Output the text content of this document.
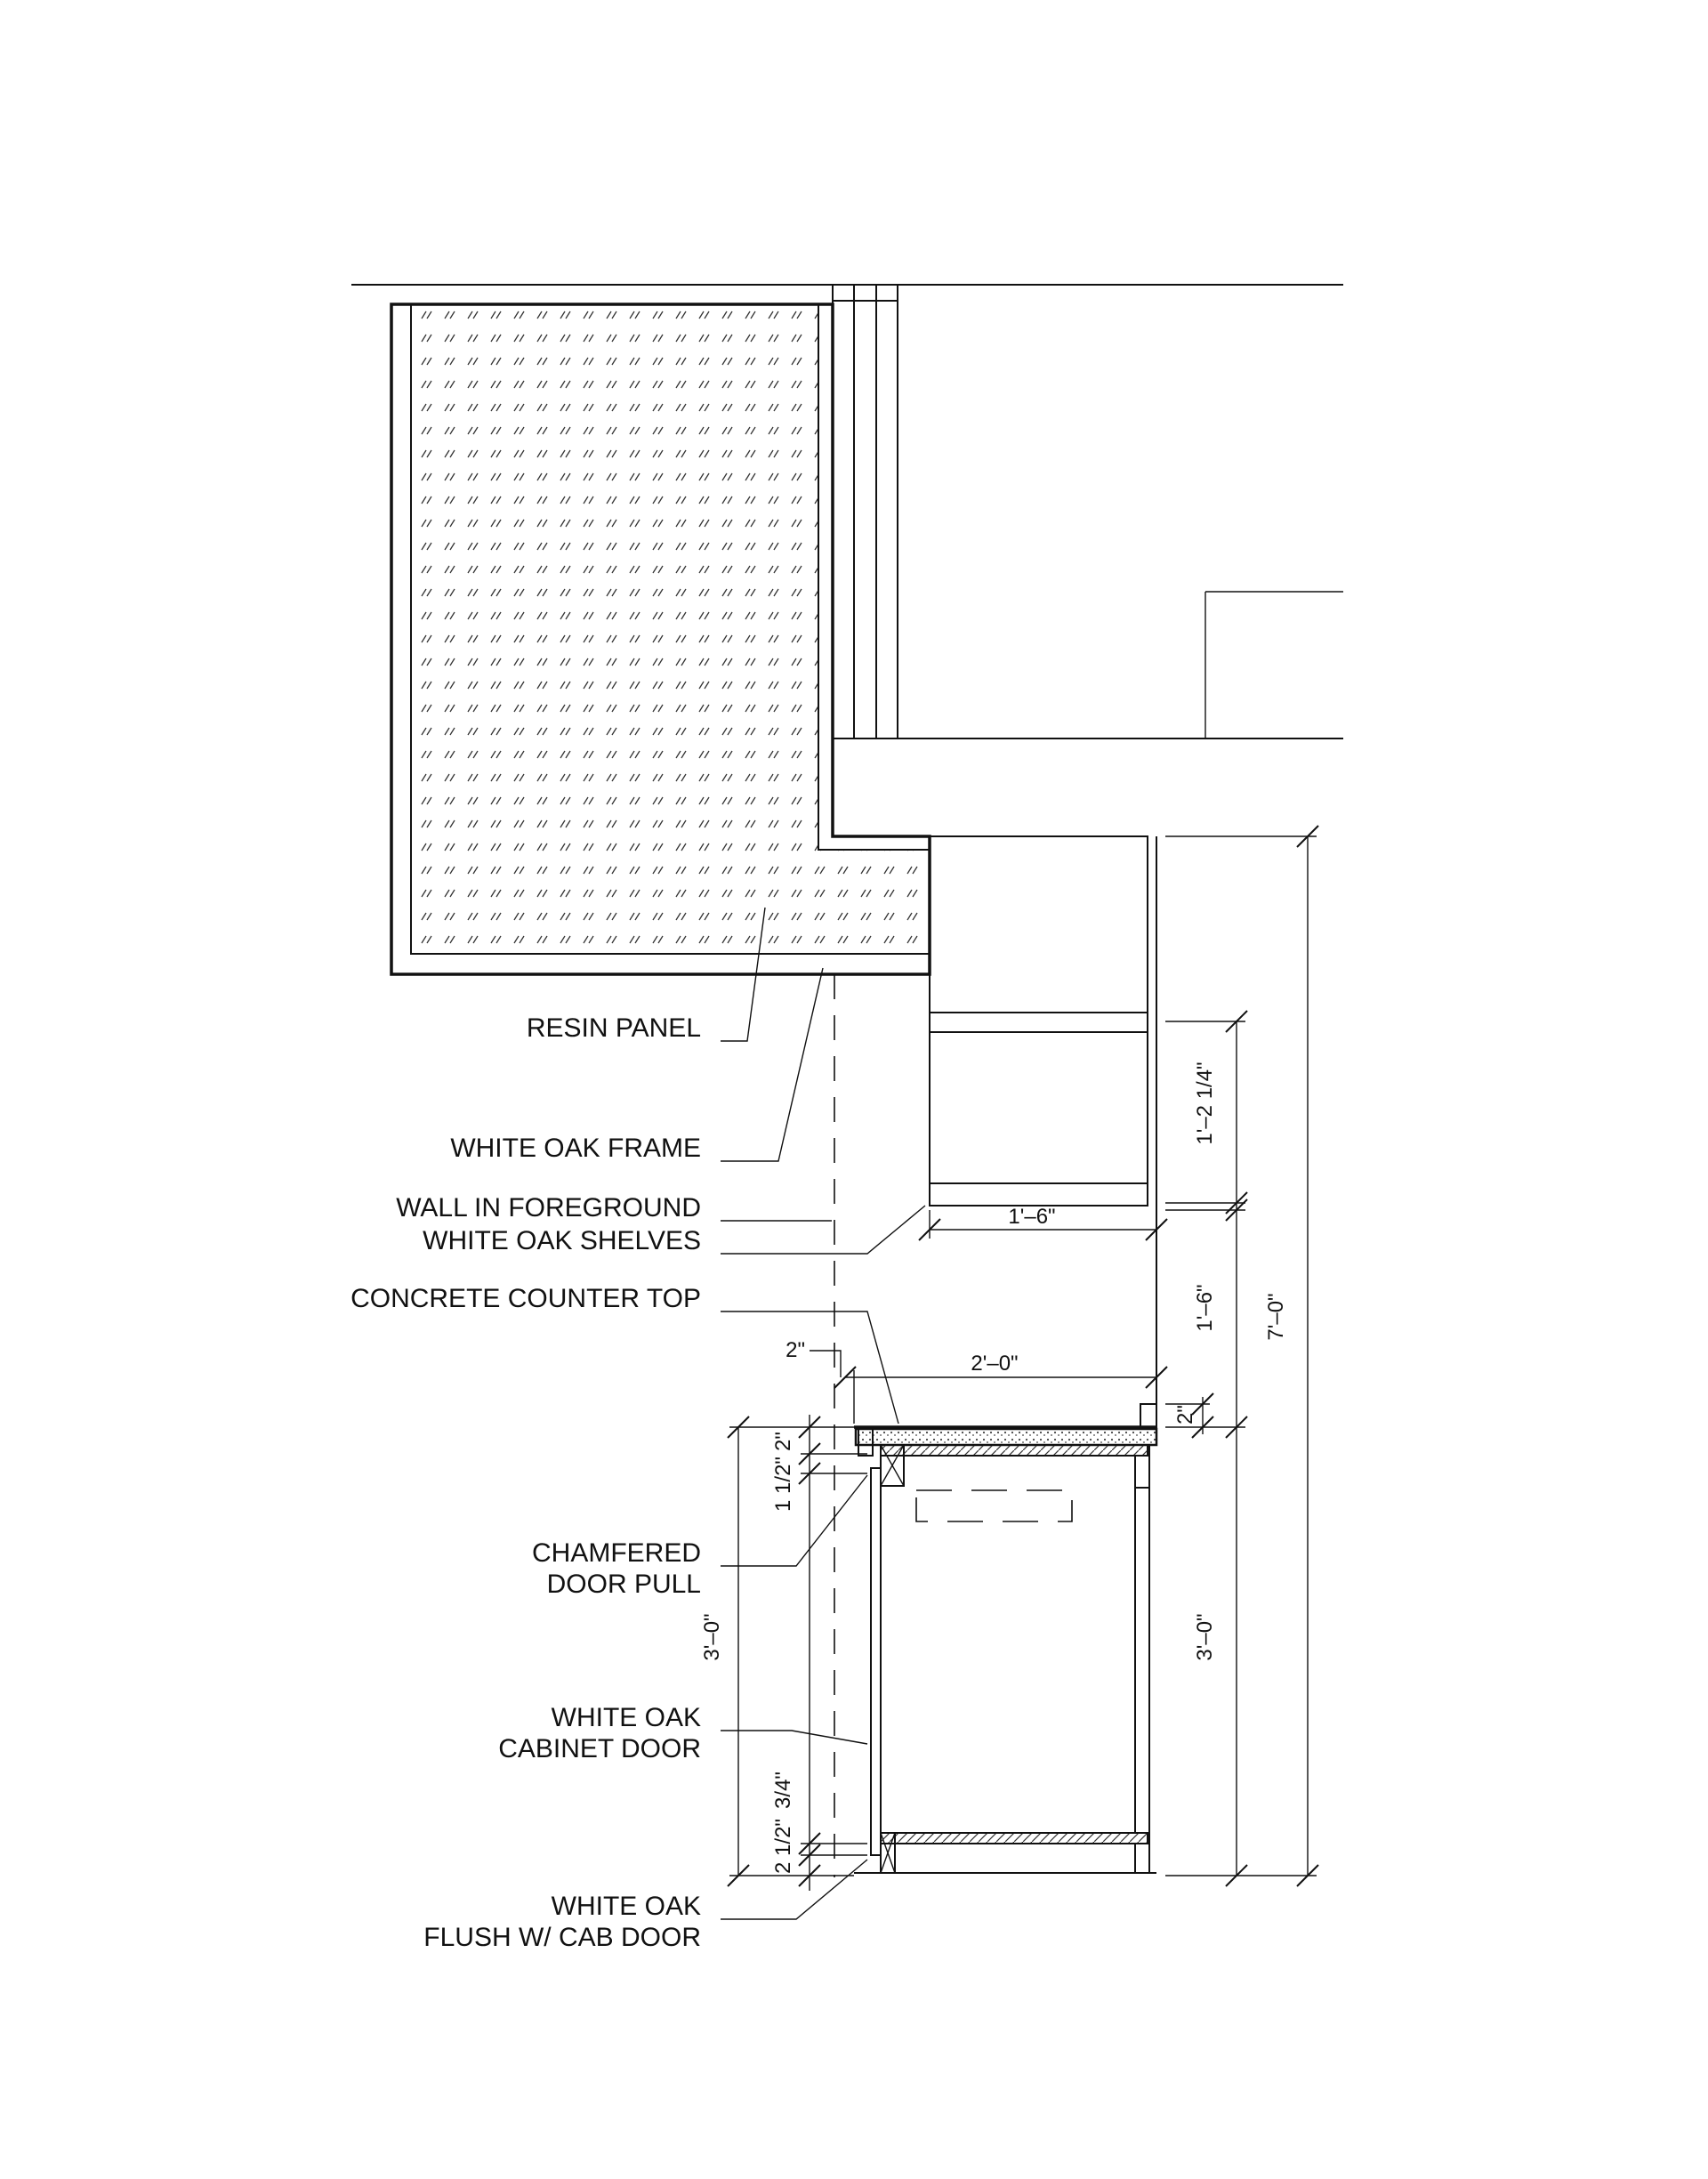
RESIN PANEL
WHITE OAK FRAME
WALL IN FOREGROUND
WHITE OAK SHELVES
CONCRETE COUNTER TOP
CHAMFERED
DOOR PULL
WHITE OAK
CABINET DOOR
WHITE OAK
FLUSH W/ CAB DOOR
7'–0"
1'–2 1/4"
1'–6"
3'–0"
2"
1'–6"
2'–0"
2"
3'–0"
2"
1 1/2"
3/4"
2 1/2"
